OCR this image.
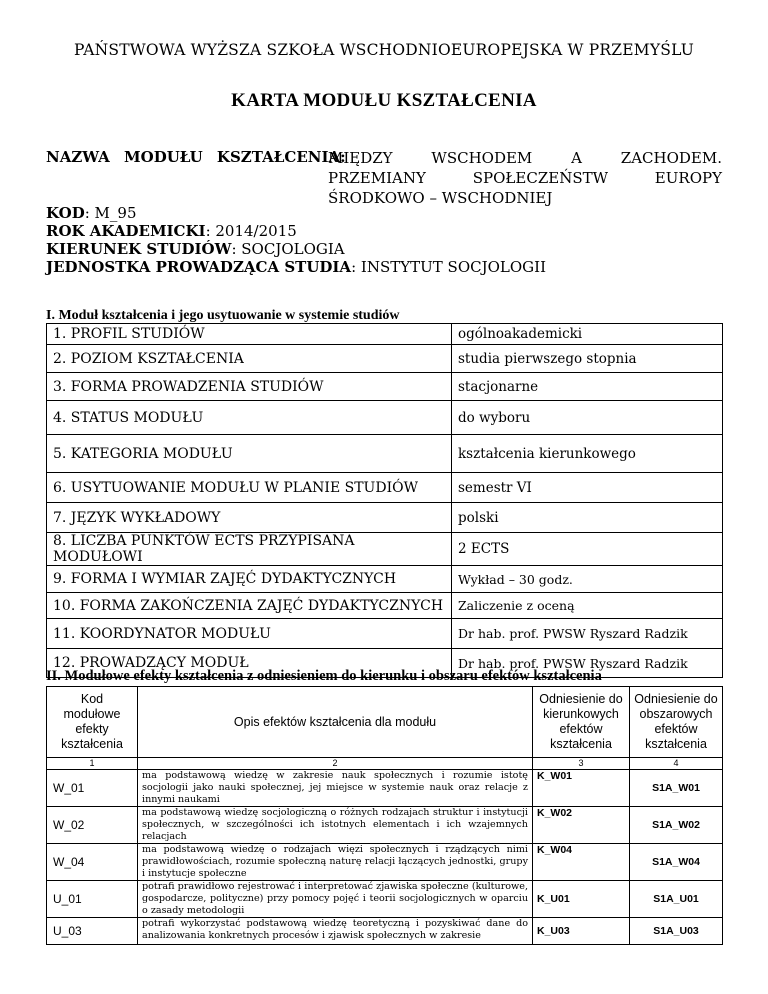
PAŃSTWOWA WYŻSZA SZKOŁA WSCHODNIOEUROPEJSKA W PRZEMYŚLU
KARTA MODUŁU KSZTAŁCENIA
NAZWA MODUŁU KSZTAŁCENIA:
MIĘDZY WSCHODEM A ZACHODEM. PRZEMIANY SPOŁECZEŃSTW EUROPY ŚRODKOWO – WSCHODNIEJ
KOD: M_95
ROK AKADEMICKI: 2014/2015
KIERUNEK STUDIÓW: SOCJOLOGIA
JEDNOSTKA PROWADZĄCA STUDIA: INSTYTUT SOCJOLOGII
I. Moduł kształcenia i jego usytuowanie w systemie studiów
1. PROFIL STUDIÓW	ogólnoakademicki
2. POZIOM KSZTAŁCENIA	studia pierwszego stopnia
3. FORMA PROWADZENIA STUDIÓW	stacjonarne
4. STATUS MODUŁU	do wyboru
5. KATEGORIA MODUŁU	kształcenia kierunkowego
6. USYTUOWANIE MODUŁU W PLANIE STUDIÓW	semestr VI
7. JĘZYK WYKŁADOWY	polski
8. LICZBA PUNKTÓW ECTS PRZYPISANA MODUŁOWI	2 ECTS
9. FORMA I WYMIAR ZAJĘĆ DYDAKTYCZNYCH	Wykład – 30 godz.
10. FORMA ZAKOŃCZENIA ZAJĘĆ DYDAKTYCZNYCH	Zaliczenie z oceną
11. KOORDYNATOR MODUŁU	Dr hab. prof. PWSW Ryszard Radzik
12. PROWADZĄCY MODUŁ	Dr hab. prof. PWSW Ryszard Radzik
II. Modułowe efekty kształcenia z odniesieniem do kierunku i obszaru efektów kształcenia
Kod modułowe efekty kształcenia	Opis efektów kształcenia dla modułu	Odniesienie do kierunkowych efektów kształcenia	Odniesienie do obszarowych efektów kształcenia
1	2	3	4
W_01	ma podstawową wiedzę w zakresie nauk społecznych i rozumie istotę socjologii jako nauki społecznej, jej miejsce w systemie nauk oraz relacje z innymi naukami	K_W01	S1A_W01
W_02	ma podstawową wiedzę socjologiczną o różnych rodzajach struktur i instytucji społecznych, w szczególności ich istotnych elementach i ich wzajemnych relacjach	K_W02	S1A_W02
W_04	ma podstawową wiedzę o rodzajach więzi społecznych i rządzących nimi prawidłowościach, rozumie społeczną naturę relacji łączących jednostki, grupy i instytucje społeczne	K_W04	S1A_W04
U_01	potrafi prawidłowo rejestrować i interpretować zjawiska społeczne (kulturowe, gospodarcze, polityczne) przy pomocy pojęć i teorii socjologicznych w oparciu o zasady metodologii	K_U01	S1A_U01
U_03	potrafi wykorzystać podstawową wiedzę teoretyczną i pozyskiwać dane do analizowania konkretnych procesów i zjawisk społecznych w zakresie	K_U03	S1A_U03
